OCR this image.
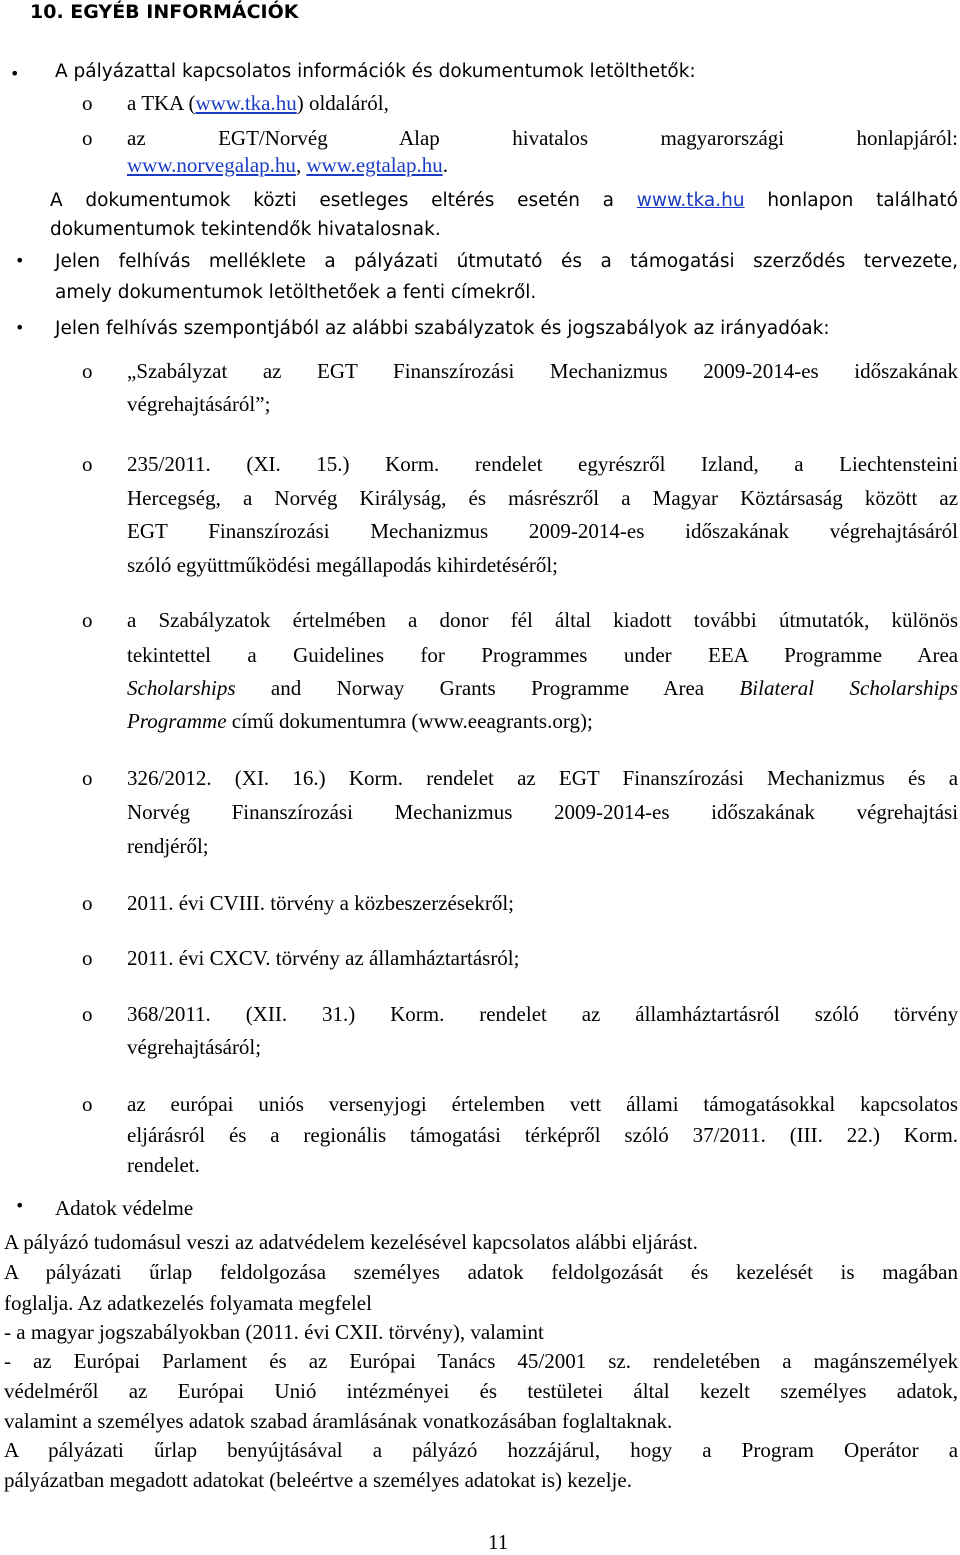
10. EGYÉB INFORMÁCIÓK
• A pályázattal kapcsolatos információk és dokumentumok letölthetők:
o a TKA (www.tka.hu) oldaláról,
o az	EGT/Norvég	Alap	hivatalos	magyarországi	honlapjáról:
www.norvegalap.hu, www.egtalap.hu.
A dokumentumok közti esetleges eltérés esetén a www.tka.hu honlapon található
dokumentumok tekintendők hivatalosnak.
• Jelen felhívás melléklete a pályázati útmutató és a támogatási szerződés tervezete,
amely dokumentumok letölthetőek a fenti címekről.
• Jelen felhívás szempontjából az alábbi szabályzatok és jogszabályok az irányadóak:
o „Szabályzat az EGT Finanszírozási Mechanizmus 2009-2014-es időszakának
végrehajtásáról”;
o 235/2011. (XI. 15.) Korm. rendelet egyrészről Izland, a Liechtensteini
Hercegség, a Norvég Királyság, és másrészről a Magyar Köztársaság között az
EGT Finanszírozási Mechanizmus 2009-2014-es időszakának végrehajtásáról
szóló együttműködési megállapodás kihirdetéséről;
o a Szabályzatok értelmében a donor fél által kiadott további útmutatók, különös
tekintettel a Guidelines for Programmes under EEA Programme Area
Scholarships and Norway Grants Programme Area Bilateral Scholarships
Programme című dokumentumra (www.eeagrants.org);
o 326/2012. (XI. 16.) Korm. rendelet az EGT Finanszírozási Mechanizmus és a
Norvég Finanszírozási Mechanizmus 2009-2014-es időszakának végrehajtási
rendjéről;
o 2011. évi CVIII. törvény a közbeszerzésekről;
o 2011. évi CXCV. törvény az államháztartásról;
o 368/2011. (XII. 31.) Korm. rendelet az államháztartásról szóló törvény
végrehajtásáról;
o az európai uniós versenyjogi értelemben vett állami támogatásokkal kapcsolatos
eljárásról és a regionális támogatási térképről szóló 37/2011. (III. 22.) Korm.
rendelet.
• Adatok védelme
A pályázó tudomásul veszi az adatvédelem kezelésével kapcsolatos alábbi eljárást.
A pályázati űrlap feldolgozása személyes adatok feldolgozását és kezelését is magában
foglalja. Az adatkezelés folyamata megfelel
- a magyar jogszabályokban (2011. évi CXII. törvény), valamint
- az Európai Parlament és az Európai Tanács 45/2001 sz. rendeletében a magánszemélyek
védelméről az Európai Unió intézményei és testületei által kezelt személyes adatok,
valamint a személyes adatok szabad áramlásának vonatkozásában foglaltaknak.
A pályázati űrlap benyújtásával a pályázó hozzájárul, hogy a Program Operátor a
pályázatban megadott adatokat (beleértve a személyes adatokat is) kezelje.
11
